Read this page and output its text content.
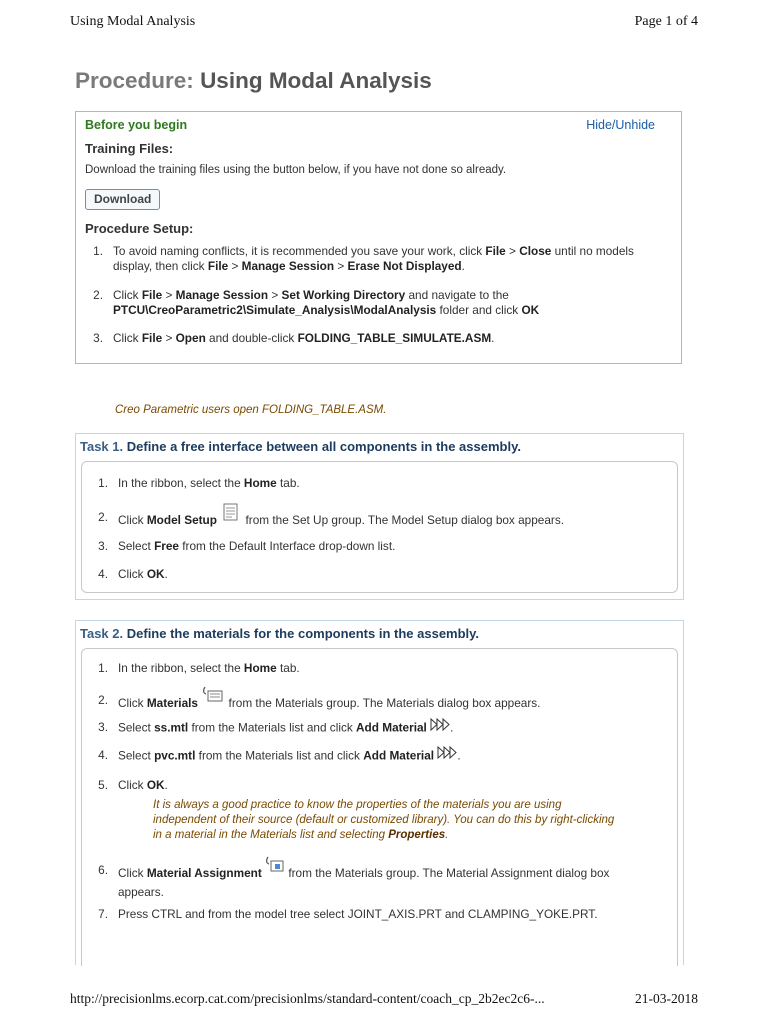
Using Modal Analysis	Page 1 of 4
Procedure: Using Modal Analysis
Before you begin	Hide/Unhide
Training Files:
Download the training files using the button below, if you have not done so already.
Download
Procedure Setup:
1. To avoid naming conflicts, it is recommended you save your work, click File > Close until no models
display, then click File > Manage Session > Erase Not Displayed.
2. Click File > Manage Session > Set Working Directory and navigate to the
PTCU\CreoParametric2\Simulate_Analysis\ModalAnalysis folder and click OK
3. Click File > Open and double-click FOLDING_TABLE_SIMULATE.ASM.
Creo Parametric users open FOLDING_TABLE.ASM.
Task 1. Define a free interface between all components in the assembly.
1. In the ribbon, select the Home tab.
2. Click Model Setup  from the Set Up group. The Model Setup dialog box appears.
3. Select Free from the Default Interface drop-down list.
4. Click OK.
Task 2. Define the materials for the components in the assembly.
1. In the ribbon, select the Home tab.
2. Click Materials  from the Materials group. The Materials dialog box appears.
3. Select ss.mtl from the Materials list and click Add Material .
4. Select pvc.mtl from the Materials list and click Add Material .
5. Click OK.
It is always a good practice to know the properties of the materials you are using
independent of their source (default or customized library). You can do this by right-clicking
in a material in the Materials list and selecting Properties.
6. Click Material Assignment  from the Materials group. The Material Assignment dialog box
appears.
7. Press CTRL and from the model tree select JOINT_AXIS.PRT and CLAMPING_YOKE.PRT.
http://precisionlms.ecorp.cat.com/precisionlms/standard-content/coach_cp_2b2ec2c6-...	21-03-2018
